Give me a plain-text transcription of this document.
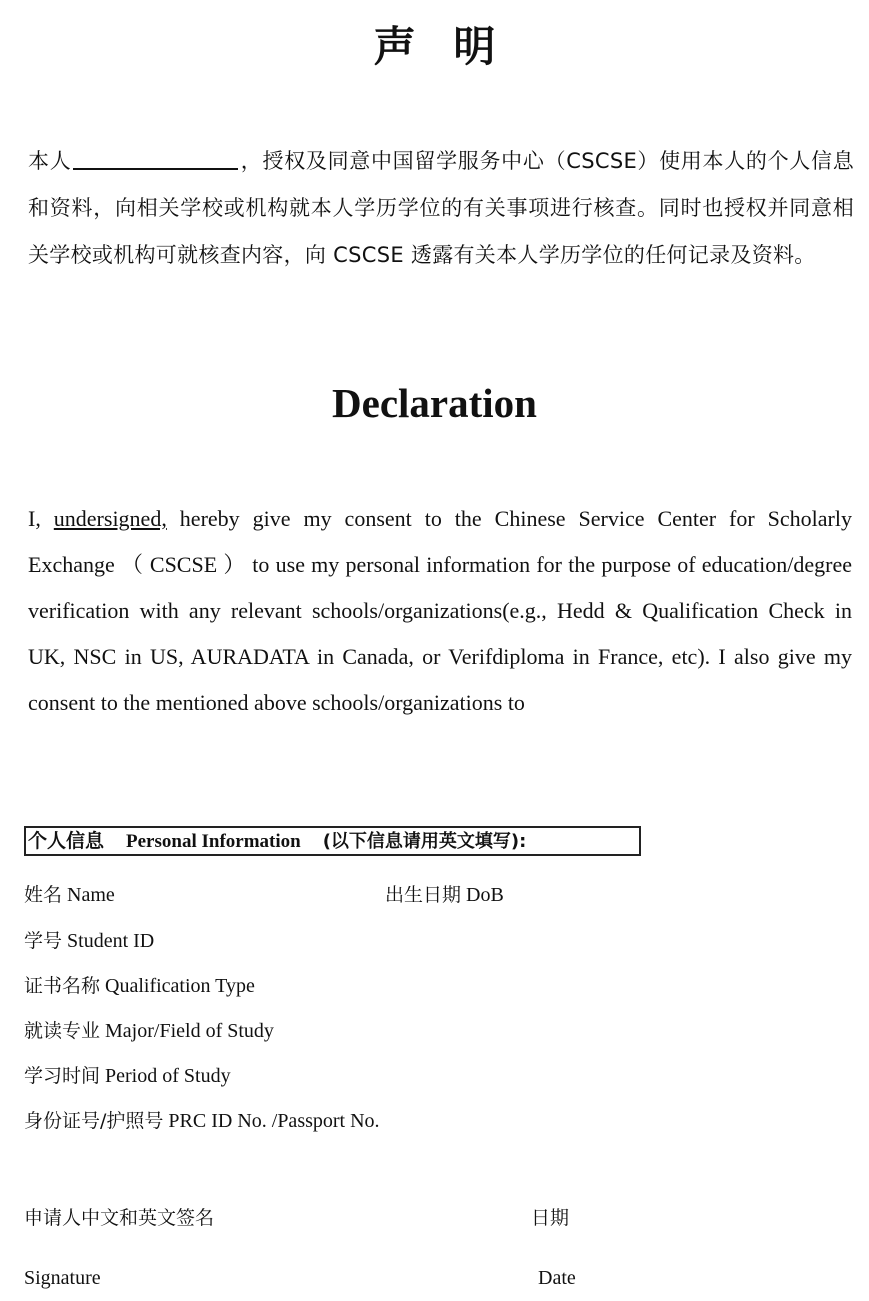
声明
本人	，授权及同意中国留学服务中心（CSCSE）使用本人的个人信息和资料，向相关学校或机构就本人学历学位的有关事项进行核查。同时也授权并同意相关学校或机构可就核查内容，向 CSCSE 透露有关本人学历学位的任何记录及资料。
Declaration
I, undersigned, hereby give my consent to the Chinese Service Center for Scholarly Exchange （ CSCSE ） to use my personal information for the purpose of education/degree verification with any relevant schools/organizations(e.g., Hedd & Qualification Check in UK, NSC in US, AURADATA in Canada, or Verifdiploma in France, etc). I also give my consent to the mentioned above schools/organizations to
个人信息 Personal Information (以下信息请用英文填写):
姓名 Name	出生日期 DoB
学号 Student ID
证书名称 Qualification Type
就读专业 Major/Field of Study
学习时间 Period of Study
身份证号/护照号 PRC ID No. /Passport No.
申请人中文和英文签名	日期
Signature	Date
